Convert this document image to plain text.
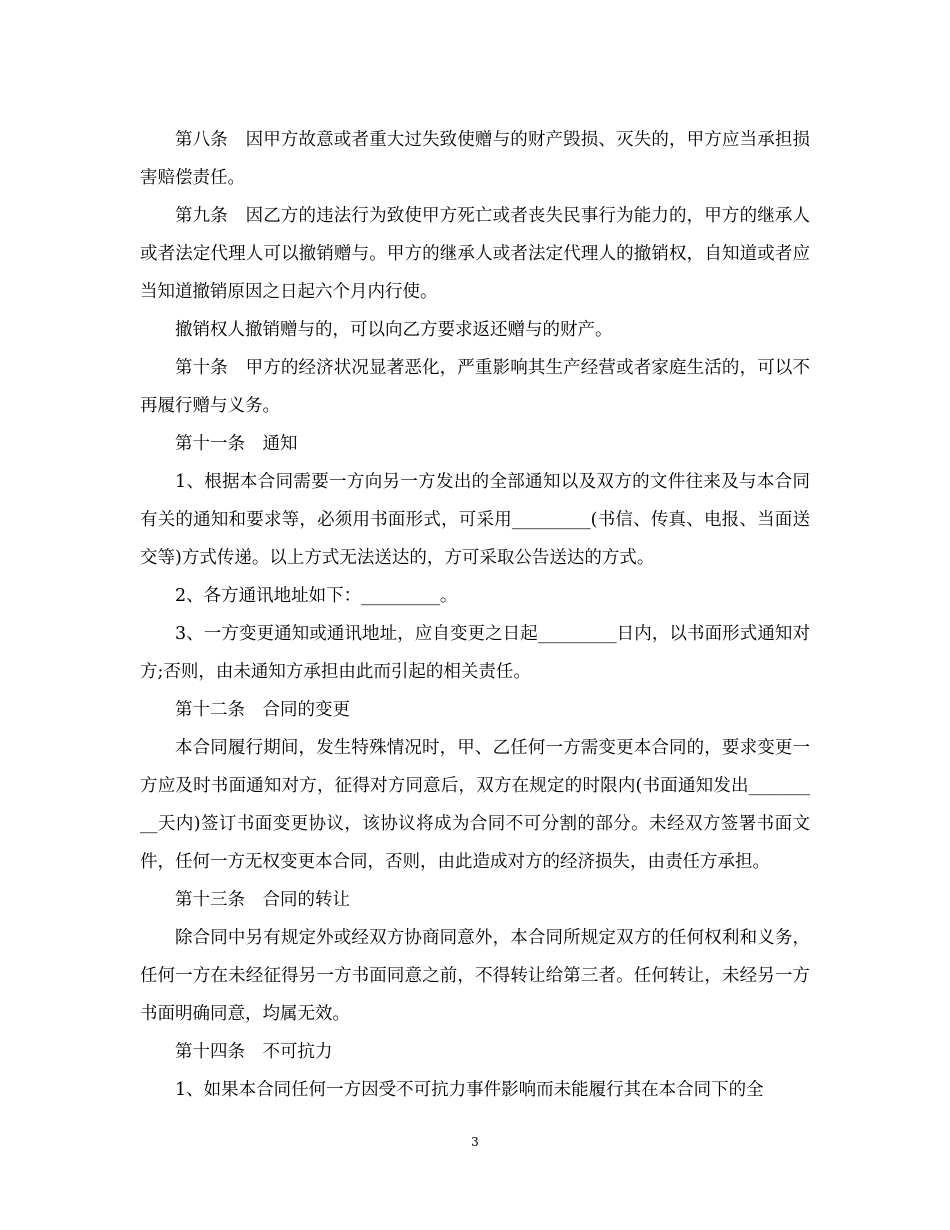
第八条　因甲方故意或者重大过失致使赠与的财产毁损、灭失的，甲方应当承担损害赔偿责任。

第九条　因乙方的违法行为致使甲方死亡或者丧失民事行为能力的，甲方的继承人或者法定代理人可以撤销赠与。甲方的继承人或者法定代理人的撤销权，自知道或者应当知道撤销原因之日起六个月内行使。

撤销权人撤销赠与的，可以向乙方要求返还赠与的财产。

第十条　甲方的经济状况显著恶化，严重影响其生产经营或者家庭生活的，可以不再履行赠与义务。

第十一条　通知

1、根据本合同需要一方向另一方发出的全部通知以及双方的文件往来及与本合同有关的通知和要求等，必须用书面形式，可采用_________(书信、传真、电报、当面送交等)方式传递。以上方式无法送达的，方可采取公告送达的方式。

2、各方通讯地址如下：_________。

3、一方变更通知或通讯地址，应自变更之日起_________日内，以书面形式通知对方;否则，由未通知方承担由此而引起的相关责任。

第十二条　合同的变更

本合同履行期间，发生特殊情况时，甲、乙任何一方需变更本合同的，要求变更一方应及时书面通知对方，征得对方同意后，双方在规定的时限内(书面通知发出_________天内)签订书面变更协议，该协议将成为合同不可分割的部分。未经双方签署书面文件，任何一方无权变更本合同，否则，由此造成对方的经济损失，由责任方承担。

第十三条　合同的转让

除合同中另有规定外或经双方协商同意外，本合同所规定双方的任何权利和义务，任何一方在未经征得另一方书面同意之前，不得转让给第三者。任何转让，未经另一方书面明确同意，均属无效。

第十四条　不可抗力

1、如果本合同任何一方因受不可抗力事件影响而未能履行其在本合同下的全

3
